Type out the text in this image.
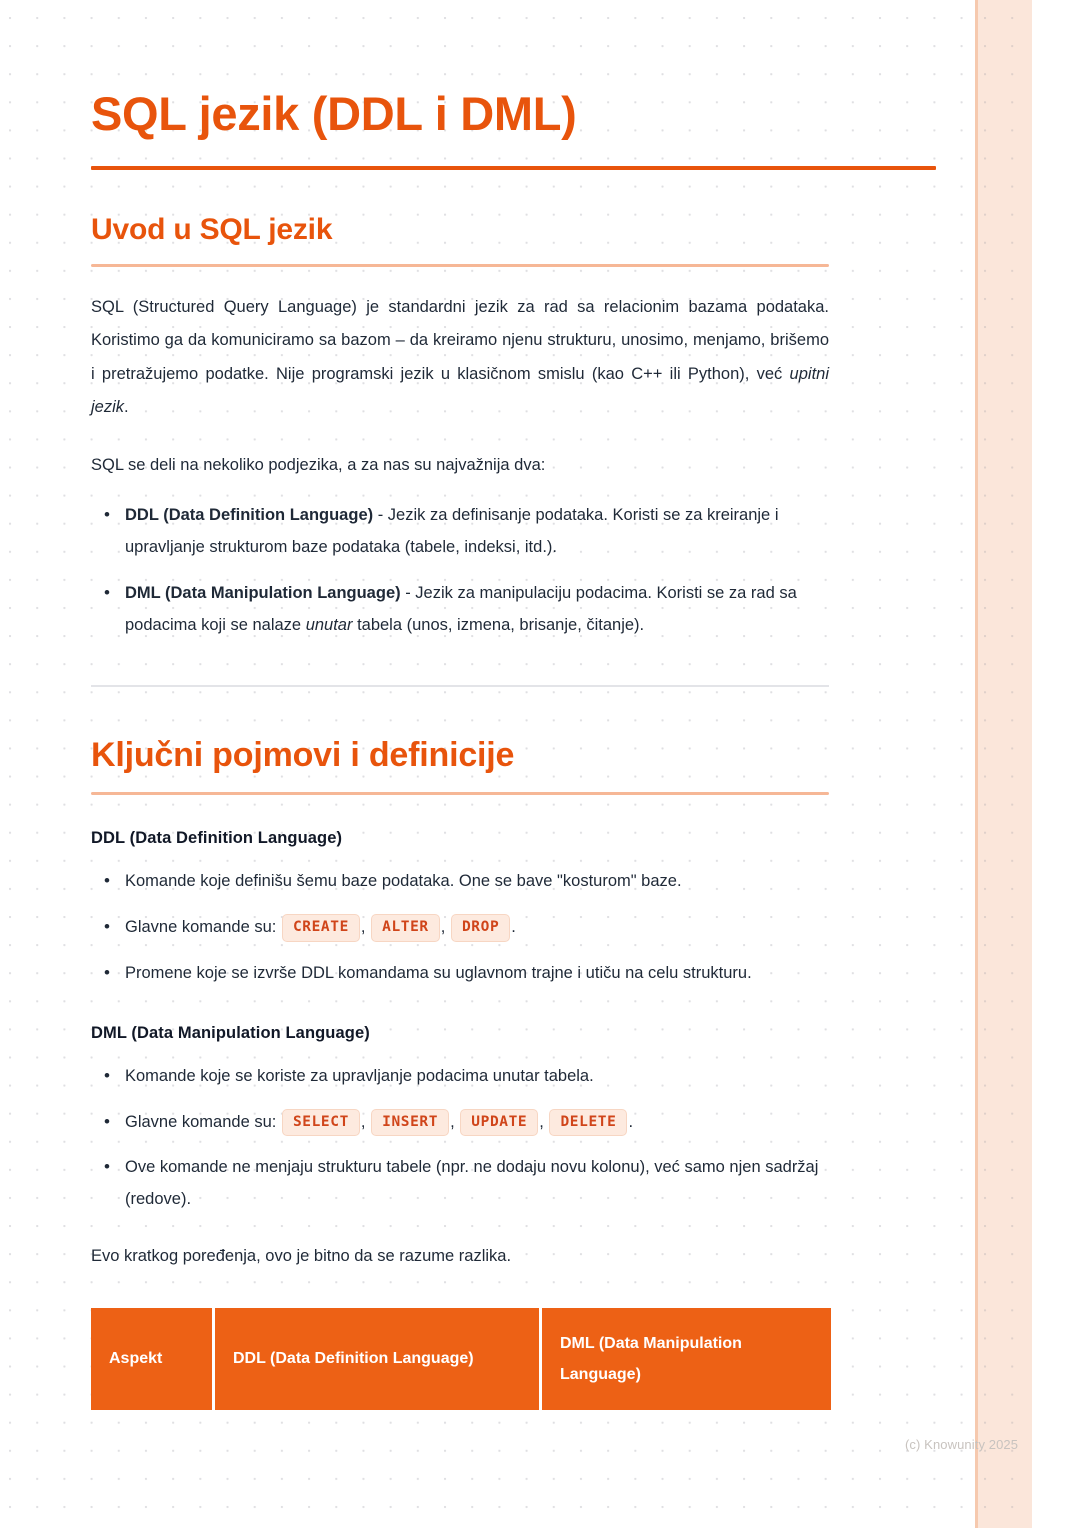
SQL jezik (DDL i DML)
Uvod u SQL jezik

SQL (Structured Query Language) je standardni jezik za rad sa relacionim bazama podataka. Koristimo ga da komuniciramo sa bazom – da kreiramo njenu strukturu, unosimo, menjamo, brišemo i pretražujemo podatke. Nije programski jezik u klasičnom smislu (kao C++ ili Python), već upitni jezik.

SQL se deli na nekoliko podjezika, a za nas su najvažnija dva:

• DDL (Data Definition Language) - Jezik za definisanje podataka. Koristi se za kreiranje i upravljanje strukturom baze podataka (tabele, indeksi, itd.).
• DML (Data Manipulation Language) - Jezik za manipulaciju podacima. Koristi se za rad sa podacima koji se nalaze unutar tabela (unos, izmena, brisanje, čitanje).
Ključni pojmovi i definicije
DDL (Data Definition Language)
• Komande koje definišu šemu baze podataka. One se bave "kosturom" baze.
• Glavne komande su: CREATE , ALTER , DROP .
• Promene koje se izvrše DDL komandama su uglavnom trajne i utiču na celu strukturu.
DML (Data Manipulation Language)
• Komande koje se koriste za upravljanje podacima unutar tabela.
• Glavne komande su: SELECT , INSERT , UPDATE , DELETE .
• Ove komande ne menjaju strukturu tabele (npr. ne dodaju novu kolonu), već samo njen sadržaj (redove).

Evo kratkog poređenja, ovo je bitno da se razume razlika.

Aspekt	DDL (Data Definition Language)	DML (Data Manipulation Language)
(c) Knowunity 2025
